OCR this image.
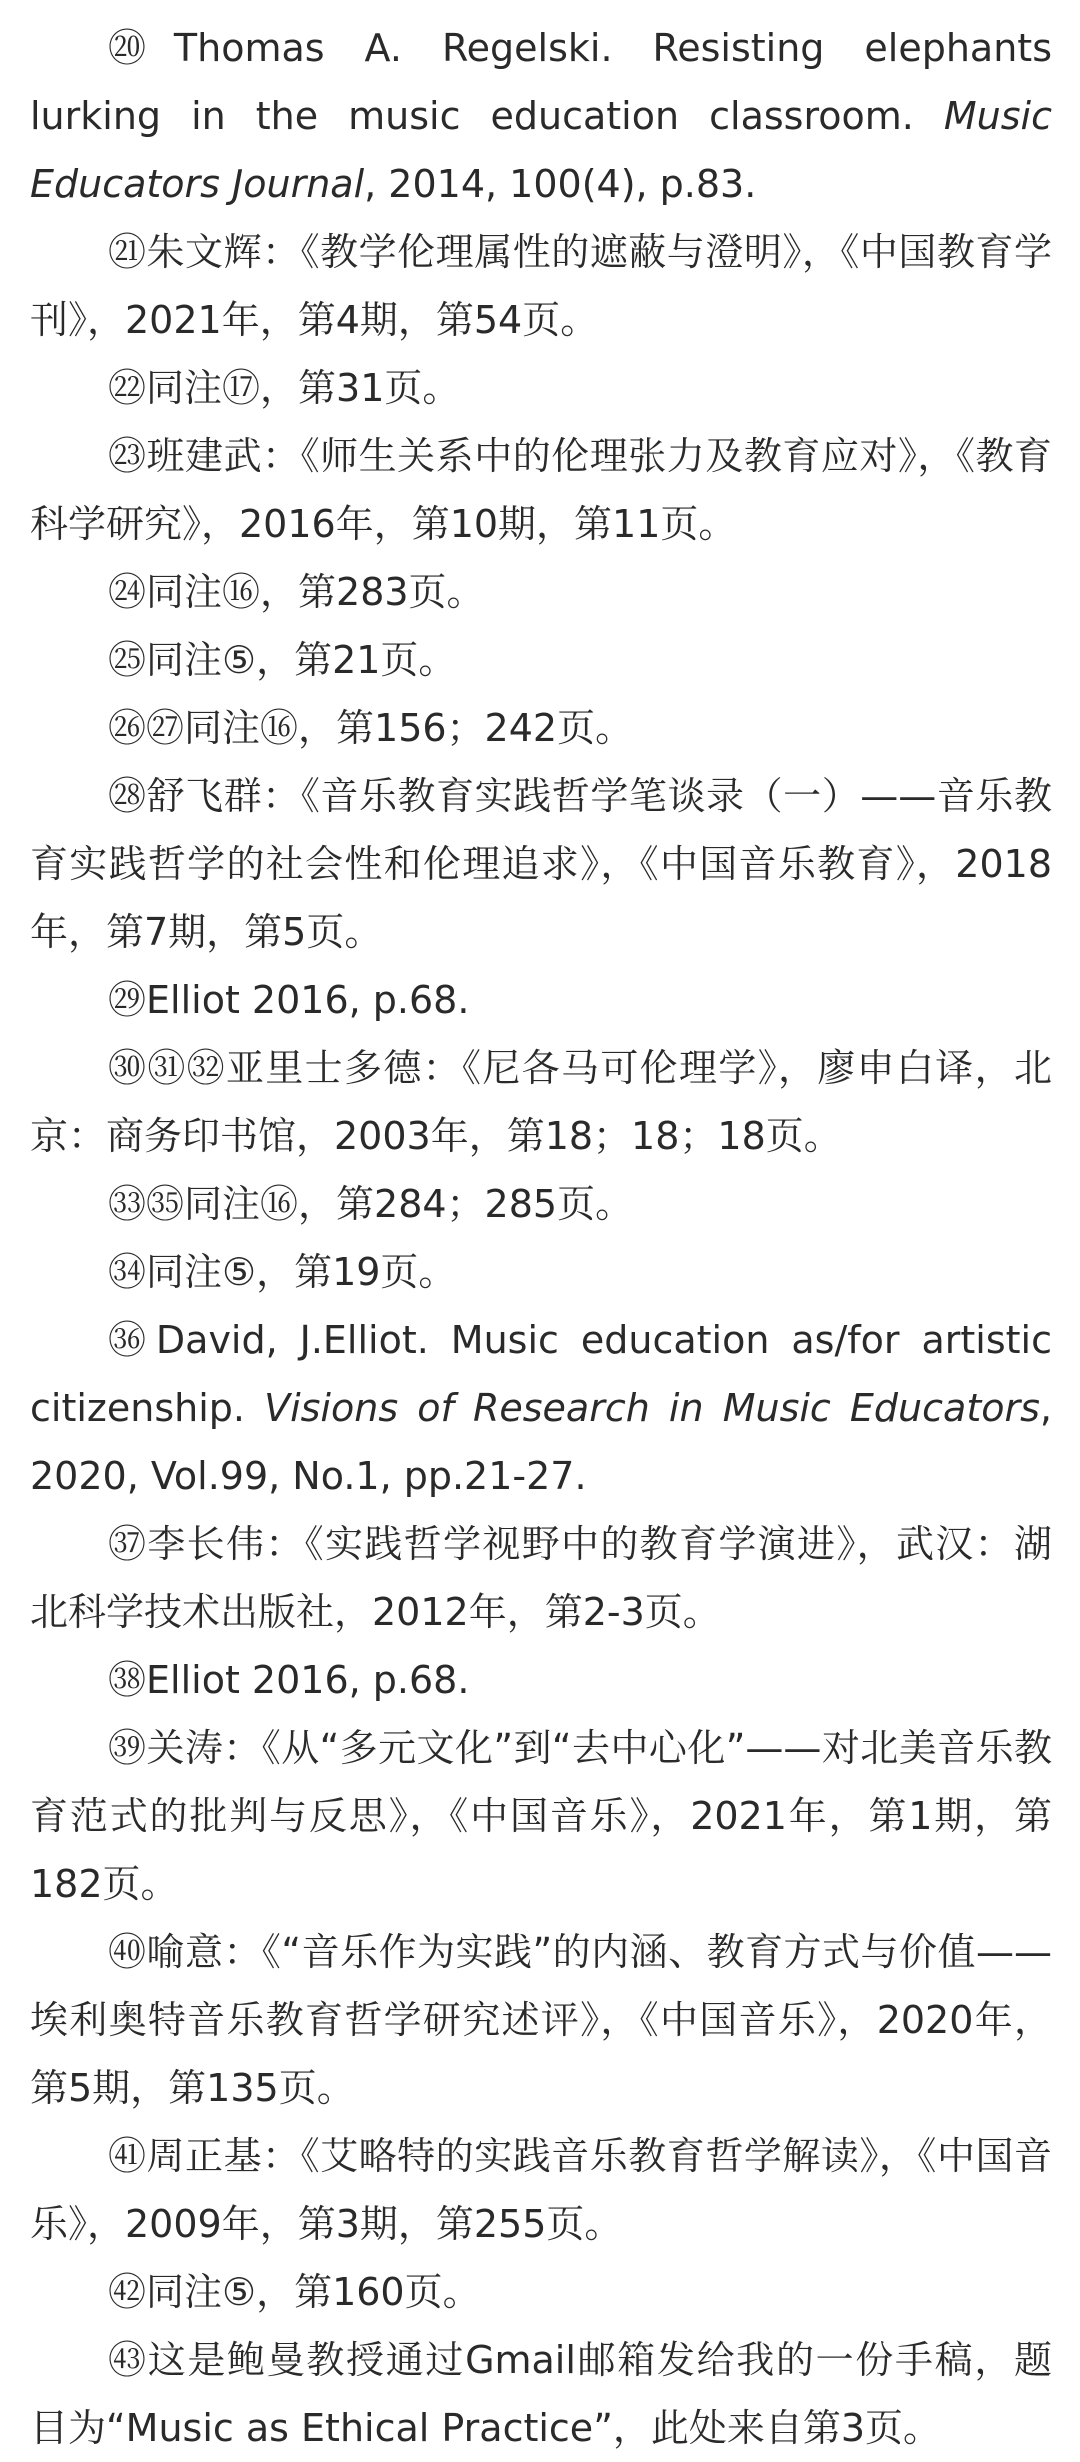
⑳Thomas A. Regelski. Resisting elephants lurking in the music education classroom. Music Educators Journal, 2014, 100(4), p.83.

㉑朱文辉：《教学伦理属性的遮蔽与澄明》，《中国教育学刊》，2021年，第4期，第54页。

㉒同注⑰，第31页。

㉓班建武：《师生关系中的伦理张力及教育应对》，《教育科学研究》，2016年，第10期，第11页。

㉔同注⑯，第283页。

㉕同注⑤，第21页。

㉖㉗同注⑯，第156；242页。

㉘舒飞群：《音乐教育实践哲学笔谈录（一）——音乐教育实践哲学的社会性和伦理追求》，《中国音乐教育》，2018年，第7期，第5页。

㉙Elliot 2016, p.68.

㉚㉛㉜亚里士多德：《尼各马可伦理学》，廖申白译，北京：商务印书馆，2003年，第18；18；18页。

㉝㉟同注⑯，第284；285页。

㉞同注⑤，第19页。

㊱David, J.Elliot. Music education as/for artistic citizenship. Visions of Research in Music Educators, 2020, Vol.99, No.1, pp.21-27.

㊲李长伟：《实践哲学视野中的教育学演进》，武汉：湖北科学技术出版社，2012年，第2-3页。

㊳Elliot 2016, p.68.

㊴关涛：《从“多元文化”到“去中心化”——对北美音乐教育范式的批判与反思》，《中国音乐》，2021年，第1期，第182页。

㊵喻意：《“音乐作为实践”的内涵、教育方式与价值——埃利奥特音乐教育哲学研究述评》，《中国音乐》，2020年，第5期，第135页。

㊶周正基：《艾略特的实践音乐教育哲学解读》，《中国音乐》，2009年，第3期，第255页。

㊷同注⑤，第160页。

㊸这是鲍曼教授通过Gmail邮箱发给我的一份手稿，题目为“Music as Ethical Practice”，此处来自第3页。
